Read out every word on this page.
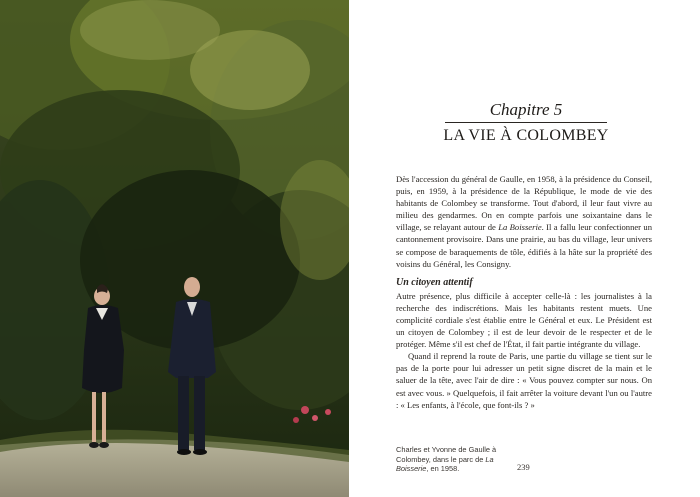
Chapitre 5
LA VIE À COLOMBEY

Dès l'accession du général de Gaulle, en 1958, à la présidence du Conseil, puis, en 1959, à la présidence de la République, le mode de vie des habitants de Colombey se transforme. Tout d'abord, il leur faut vivre au milieu des gendarmes. On en compte parfois une soixantaine dans le village, se relayant autour de La Boisserie. Il a fallu leur confectionner un cantonnement provisoire. Dans une prairie, au bas du village, leur univers se compose de baraquements de tôle, édifiés à la hâte sur la propriété des voisins du Général, les Consigny.

Un citoyen attentif

Autre présence, plus difficile à accepter celle-là : les journalistes à la recherche des indiscrétions. Mais les habitants restent muets. Une complicité cordiale s'est établie entre le Général et eux. Le Président est un citoyen de Colombey ; il est de leur devoir de le respecter et de le protéger. Même s'il est chef de l'État, il fait partie intégrante du village.

Quand il reprend la route de Paris, une partie du village se tient sur le pas de la porte pour lui adresser un petit signe discret de la main et le saluer de la tête, avec l'air de dire : « Vous pouvez compter sur nous. On est avec vous. » Quelquefois, il fait arrêter la voiture devant l'un ou l'autre : « Les enfants, à l'école, que font-ils ? »

Charles et Yvonne de Gaulle à Colombey, dans le parc de La Boisserie, en 1958.	239
